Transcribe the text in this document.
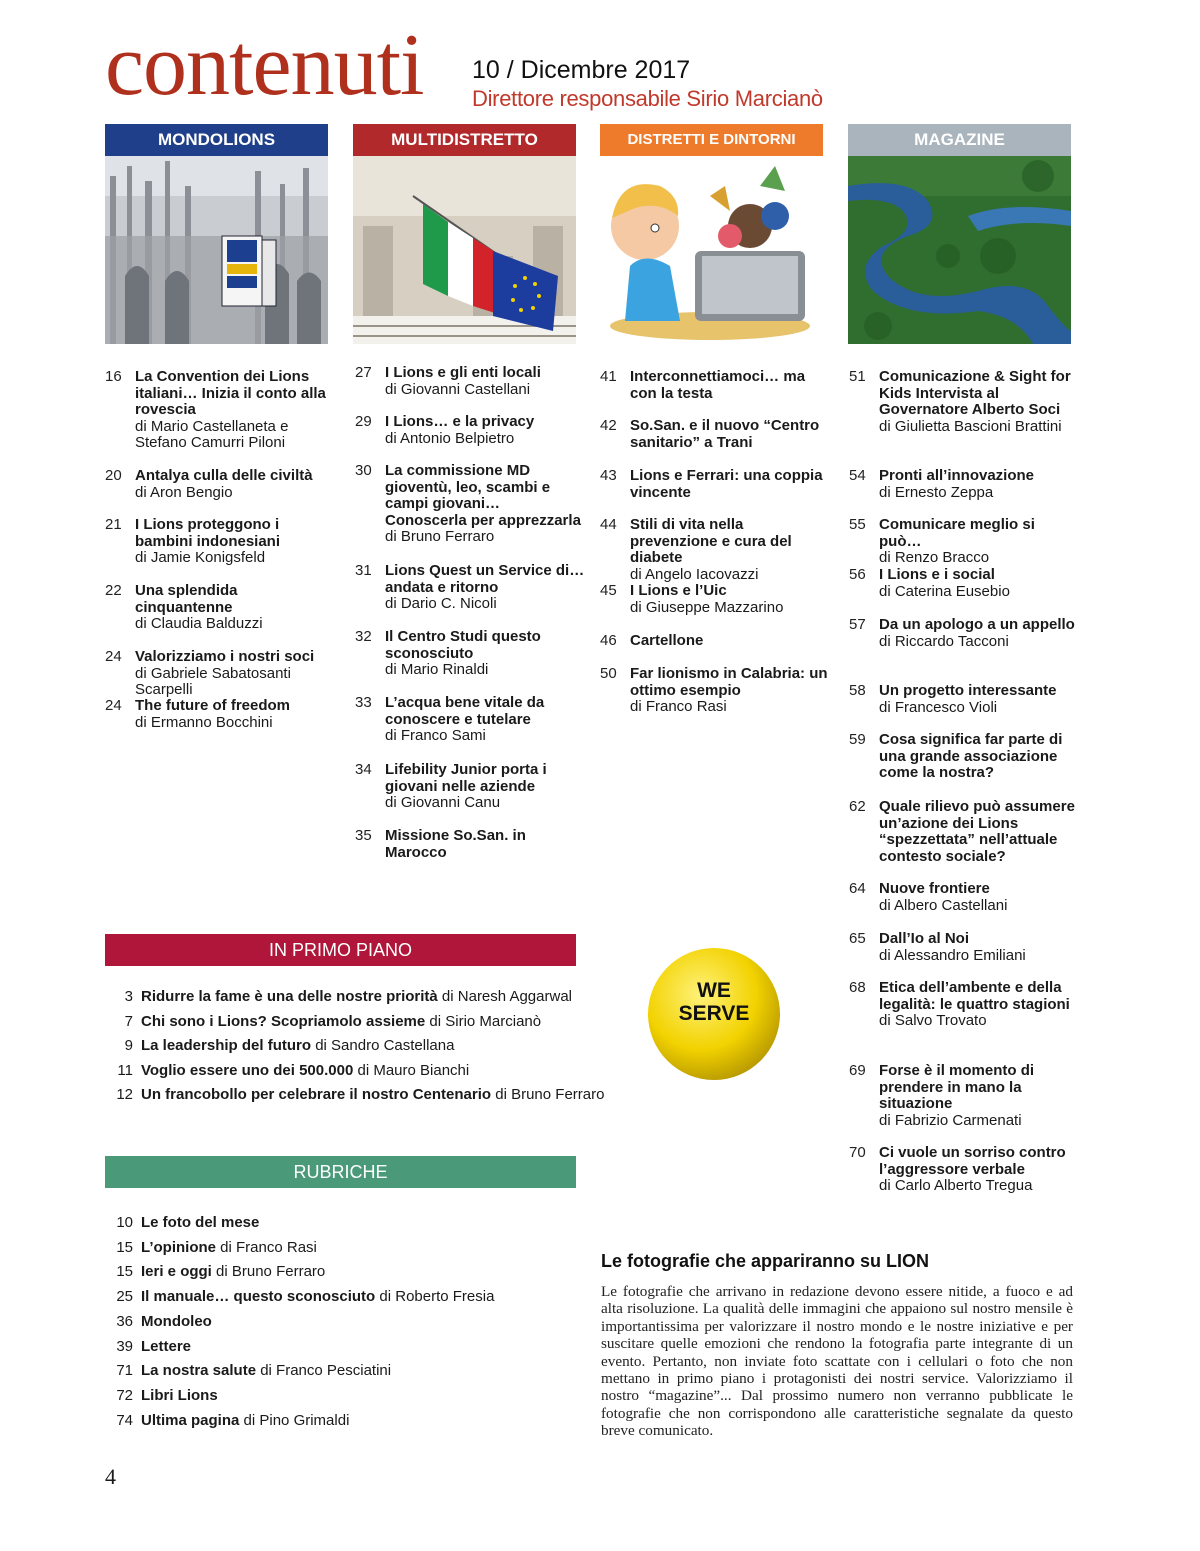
contenuti 10 / Dicembre 2017
Direttore responsabile Sirio Marcianò
MONDOLIONS	MULTIDISTRETTO	DISTRETTI E DINTORNI	MAGAZINE
16 La Convention dei Lions italiani… Inizia il conto alla rovescia
di Mario Castellaneta e Stefano Camurri Piloni
20 Antalya culla delle civiltà
di Aron Bengio
21 I Lions proteggono i bambini indonesiani
di Jamie Konigsfeld
22 Una splendida cinquantenne
di Claudia Balduzzi
24 Valorizziamo i nostri soci
di Gabriele Sabatosanti Scarpelli
24 The future of freedom
di Ermanno Bocchini
27 I Lions e gli enti locali
di Giovanni Castellani
29 I Lions… e la privacy
di Antonio Belpietro
30 La commissione MD gioventù, leo, scambi e campi giovani… Conoscerla per apprezzarla
di Bruno Ferraro
31 Lions Quest un Service di… andata e ritorno
di Dario C. Nicoli
32 Il Centro Studi questo sconosciuto
di Mario Rinaldi
33 L’acqua bene vitale da conoscere e tutelare
di Franco Sami
34 Lifebility Junior porta i giovani nelle aziende
di Giovanni Canu
35 Missione So.San. in Marocco
41 Interconnettiamoci… ma con la testa
42 So.San. e il nuovo “Centro sanitario” a Trani
43 Lions e Ferrari: una coppia vincente
44 Stili di vita nella prevenzione e cura del diabete
di Angelo Iacovazzi
45 I Lions e l’Uic
di Giuseppe Mazzarino
46 Cartellone
50 Far lionismo in Calabria: un ottimo esempio
di Franco Rasi
51 Comunicazione & Sight for Kids Intervista al Governatore Alberto Soci
di Giulietta Bascioni Brattini
54 Pronti all’innovazione
di Ernesto Zeppa
55 Comunicare meglio si può…
di Renzo Bracco
56 I Lions e i social
di Caterina Eusebio
57 Da un apologo a un appello
di Riccardo Tacconi
58 Un progetto interessante
di Francesco Violi
59 Cosa significa far parte di una grande associazione come la nostra?
62 Quale rilievo può assumere un’azione dei Lions “spezzettata” nell’attuale contesto sociale?
64 Nuove frontiere
di Albero Castellani
65 Dall’Io al Noi
di Alessandro Emiliani
68 Etica dell’ambente e della legalità: le quattro stagioni
di Salvo Trovato
69 Forse è il momento di prendere in mano la situazione
di Fabrizio Carmenati
70 Ci vuole un sorriso contro l’aggressore verbale
di Carlo Alberto Tregua
IN PRIMO PIANO
3 Ridurre la fame è una delle nostre priorità di Naresh Aggarwal
7 Chi sono i Lions? Scopriamolo assieme di Sirio Marcianò
9 La leadership del futuro di Sandro Castellana
11 Voglio essere uno dei 500.000 di Mauro Bianchi
12 Un francobollo per celebrare il nostro Centenario di Bruno Ferraro
RUBRICHE
10 Le foto del mese
15 L’opinione di Franco Rasi
15 Ieri e oggi di Bruno Ferraro
25 Il manuale… questo sconosciuto di Roberto Fresia
36 Mondoleo
39 Lettere
71 La nostra salute di Franco Pesciatini
72 Libri Lions
74 Ultima pagina di Pino Grimaldi
WE
SERVE
Le fotografie che appariranno su LION
Le fotografie che arrivano in redazione devono essere nitide, a fuoco e ad alta risoluzione. La qualità delle immagini che appaiono sul nostro mensile è importantissima per valorizzare il nostro mondo e le nostre iniziative e per suscitare quelle emozioni che rendono la fotografia parte integrante di un evento. Pertanto, non inviate foto scattate con i cellulari o foto che non mettano in primo piano i protagonisti dei nostri service. Valorizziamo il nostro “magazine”... Dal prossimo numero non verranno pubblicate le fotografie che non corrispondono alle caratteristiche segnalate da questo breve comunicato.
4
